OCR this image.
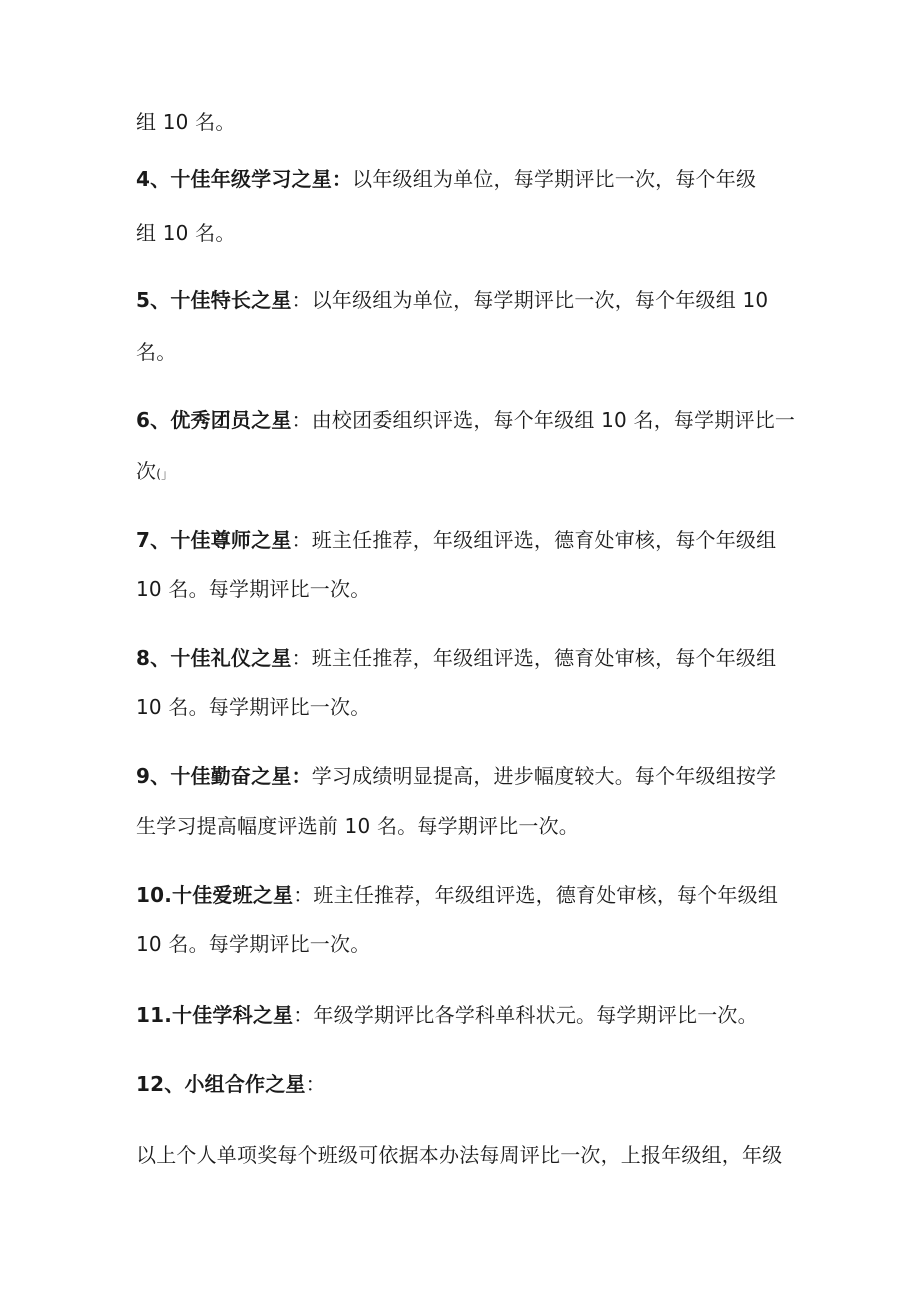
组 10 名。
4、十佳年级学习之星：以年级组为单位，每学期评比一次，每个年级
组 10 名。
5、十佳特长之星：以年级组为单位，每学期评比一次，每个年级组 10
名。
6、优秀团员之星：由校团委组织评选，每个年级组 10 名，每学期评比一
次(」
7、十佳尊师之星：班主任推荐，年级组评选，德育处审核，每个年级组
10 名。每学期评比一次。
8、十佳礼仪之星：班主任推荐，年级组评选，德育处审核，每个年级组
10 名。每学期评比一次。
9、十佳勤奋之星：学习成绩明显提高，进步幅度较大。每个年级组按学
生学习提高幅度评选前 10 名。每学期评比一次。
10.十佳爱班之星：班主任推荐，年级组评选，德育处审核，每个年级组
10 名。每学期评比一次。
11.十佳学科之星：年级学期评比各学科单科状元。每学期评比一次。
12、小组合作之星：
以上个人单项奖每个班级可依据本办法每周评比一次，上报年级组，年级
